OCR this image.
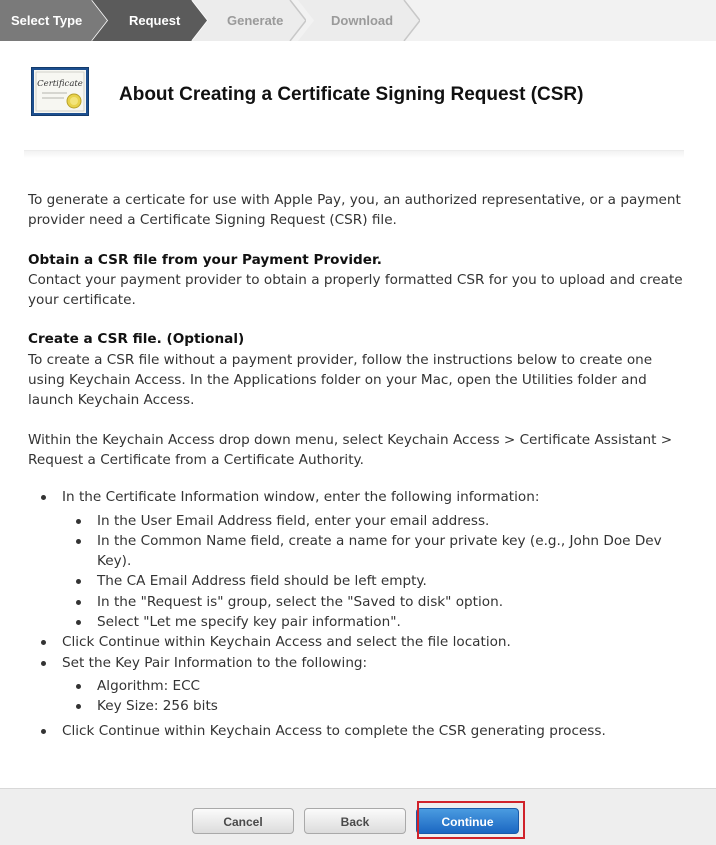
Select Type	Request	Generate	Download
Certificate About Creating a Certificate Signing Request (CSR)

To generate a certicate for use with Apple Pay, you, an authorized representative, or a payment provider need a Certificate Signing Request (CSR) file.

Obtain a CSR file from your Payment Provider.

Contact your payment provider to obtain a properly formatted CSR for you to upload and create your certificate.

Create a CSR file. (Optional)

To create a CSR file without a payment provider, follow the instructions below to create one using Keychain Access. In the Applications folder on your Mac, open the Utilities folder and launch Keychain Access.

Within the Keychain Access drop down menu, select Keychain Access > Certificate Assistant > Request a Certificate from a Certificate Authority.

In the Certificate Information window, enter the following information:
In the User Email Address field, enter your email address.
In the Common Name field, create a name for your private key (e.g., John Doe Dev Key).
The CA Email Address field should be left empty.
In the "Request is" group, select the "Saved to disk" option.
Select "Let me specify key pair information".
Click Continue within Keychain Access and select the file location.
Set the Key Pair Information to the following:
Algorithm: ECC
Key Size: 256 bits
Click Continue within Keychain Access to complete the CSR generating process.
Cancel	Back	Continue
